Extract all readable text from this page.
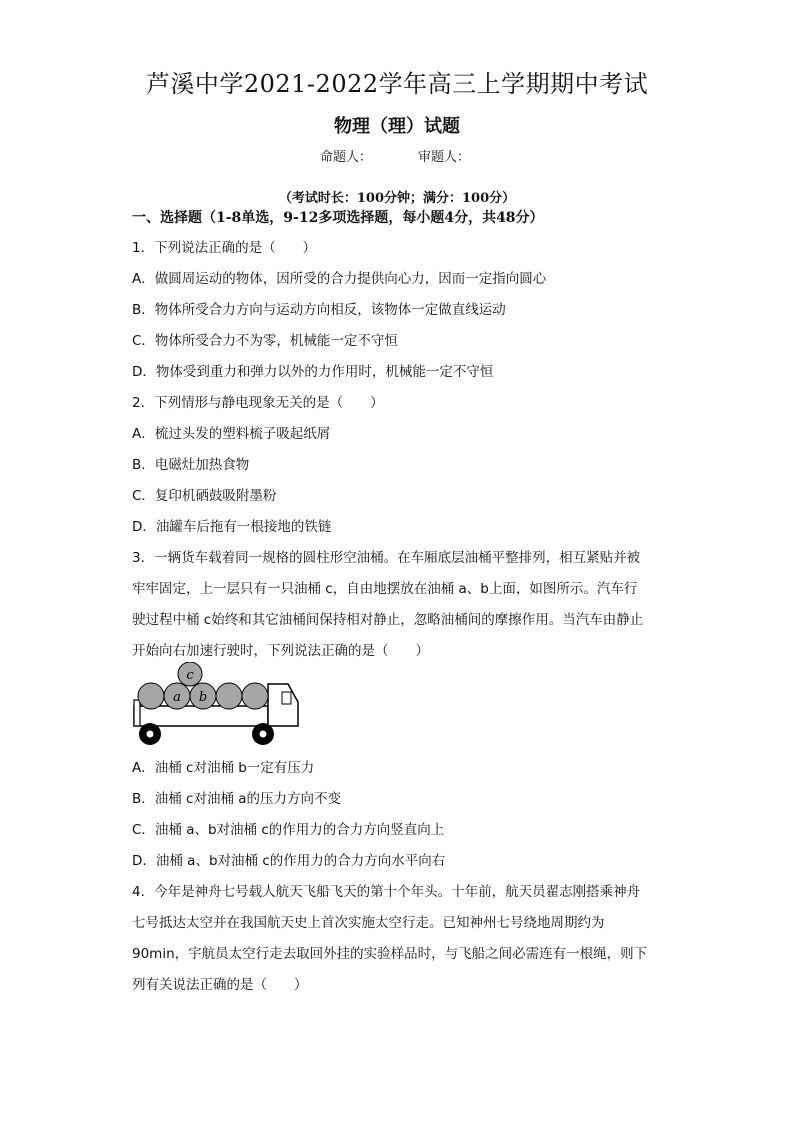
芦溪中学2021-2022学年高三上学期期中考试
物理（理）试题
命题人：	审题人：
（考试时长：100分钟；满分：100分）
一、选择题（1-8单选，9-12多项选择题，每小题4分，共48分）
1．下列说法正确的是（　　）
A．做圆周运动的物体，因所受的合力提供向心力，因而一定指向圆心
B．物体所受合力方向与运动方向相反，该物体一定做直线运动
C．物体所受合力不为零，机械能一定不守恒
D．物体受到重力和弹力以外的力作用时，机械能一定不守恒
2．下列情形与静电现象无关的是（　　）
A．梳过头发的塑料梳子吸起纸屑
B．电磁灶加热食物
C．复印机硒鼓吸附墨粉
D．油罐车后拖有一根接地的铁链
3．一辆货车载着同一规格的圆柱形空油桶。在车厢底层油桶平整排列，相互紧贴并被
牢牢固定，上一层只有一只油桶 c，自由地摆放在油桶 a、b上面，如图所示。汽车行
驶过程中桶 c始终和其它油桶间保持相对静止，忽略油桶间的摩擦作用。当汽车由静止
开始向右加速行驶时，下列说法正确的是（　　）
a b
c
A．油桶 c对油桶 b一定有压力
B．油桶 c对油桶 a的压力方向不变
C．油桶 a、b对油桶 c的作用力的合力方向竖直向上
D．油桶 a、b对油桶 c的作用力的合力方向水平向右
4．今年是神舟七号载人航天飞船飞天的第十个年头。十年前，航天员翟志刚搭乘神舟
七号抵达太空并在我国航天史上首次实施太空行走。已知神州七号绕地周期约为
90min，宇航员太空行走去取回外挂的实验样品时，与飞船之间必需连有一根绳，则下
列有关说法正确的是（　　）
